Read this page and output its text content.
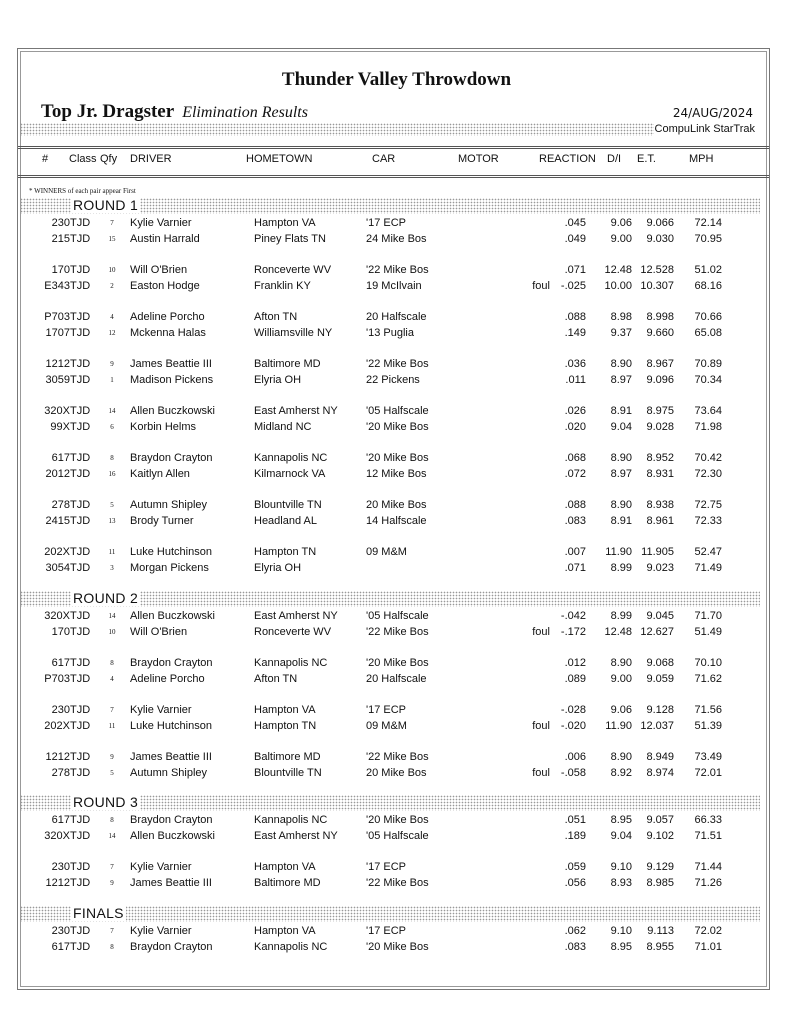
Thunder Valley Throwdown
Top Jr. Dragster Elimination Results	24/AUG/2024
CompuLink StarTrak
# Class Qfy DRIVER	HOMETOWN	CAR	MOTOR	REACTION D/I E.T.	MPH
* WINNERS of each pair appear First
ROUND 1
230 TJD	7	Kylie Varnier	Hampton VA	'17 ECP	.045	9.06	9.066	72.14
215 TJD	15 Austin Harrald	Piney Flats TN	24 Mike Bos	.049	9.00	9.030	70.95
170 TJD	10 Will O'Brien	Ronceverte WV	'22 Mike Bos	.071	12.48 12.528	51.02
E343 TJD	2	Easton Hodge	Franklin KY	19 McIlvain	foul -.025	10.00 10.307	68.16
P703 TJD	4	Adeline Porcho	Afton TN	20 Halfscale	.088	8.98	8.998	70.66
1707 TJD	12 Mckenna Halas	Williamsville NY	'13 Puglia	.149	9.37	9.660	65.08
1212 TJD	9	James Beattie III	Baltimore MD	'22 Mike Bos	.036	8.90	8.967	70.89
3059 TJD	1	Madison Pickens	Elyria OH	22 Pickens	.011	8.97	9.096	70.34
320X TJD	14 Allen Buczkowski	East Amherst NY	'05 Halfscale	.026	8.91	8.975	73.64
99X TJD	6	Korbin Helms	Midland NC	'20 Mike Bos	.020	9.04	9.028	71.98
617 TJD	8	Braydon Crayton	Kannapolis NC	'20 Mike Bos	.068	8.90	8.952	70.42
2012 TJD	16 Kaitlyn Allen	Kilmarnock VA	12 Mike Bos	.072	8.97	8.931	72.30
278 TJD	5	Autumn Shipley	Blountville TN	20 Mike Bos	.088	8.90	8.938	72.75
2415 TJD	13 Brody Turner	Headland AL	14 Halfscale	.083	8.91	8.961	72.33
202X TJD	11 Luke Hutchinson	Hampton TN	09 M&M	.007	11.90 11.905	52.47
3054 TJD	3	Morgan Pickens	Elyria OH	.071	8.99	9.023	71.49
ROUND 2
320X TJD	14 Allen Buczkowski	East Amherst NY	'05 Halfscale	-.042	8.99	9.045	71.70
170 TJD	10 Will O'Brien	Ronceverte WV	'22 Mike Bos	foul -.172	12.48 12.627	51.49
617 TJD	8	Braydon Crayton	Kannapolis NC	'20 Mike Bos	.012	8.90	9.068	70.10
P703 TJD	4	Adeline Porcho	Afton TN	20 Halfscale	.089	9.00	9.059	71.62
230 TJD	7	Kylie Varnier	Hampton VA	'17 ECP	-.028	9.06	9.128	71.56
202X TJD	11 Luke Hutchinson	Hampton TN	09 M&M	foul -.020	11.90 12.037	51.39
1212 TJD	9	James Beattie III	Baltimore MD	'22 Mike Bos	.006	8.90	8.949	73.49
278 TJD	5	Autumn Shipley	Blountville TN	20 Mike Bos	foul -.058	8.92	8.974	72.01
ROUND 3
617 TJD	8	Braydon Crayton	Kannapolis NC	'20 Mike Bos	.051	8.95	9.057	66.33
320X TJD	14 Allen Buczkowski	East Amherst NY	'05 Halfscale	.189	9.04	9.102	71.51
230 TJD	7	Kylie Varnier	Hampton VA	'17 ECP	.059	9.10	9.129	71.44
1212 TJD	9	James Beattie III	Baltimore MD	'22 Mike Bos	.056	8.93	8.985	71.26
FINALS
230 TJD	7	Kylie Varnier	Hampton VA	'17 ECP	.062	9.10	9.113	72.02
617 TJD	8	Braydon Crayton	Kannapolis NC	'20 Mike Bos	.083	8.95	8.955	71.01
